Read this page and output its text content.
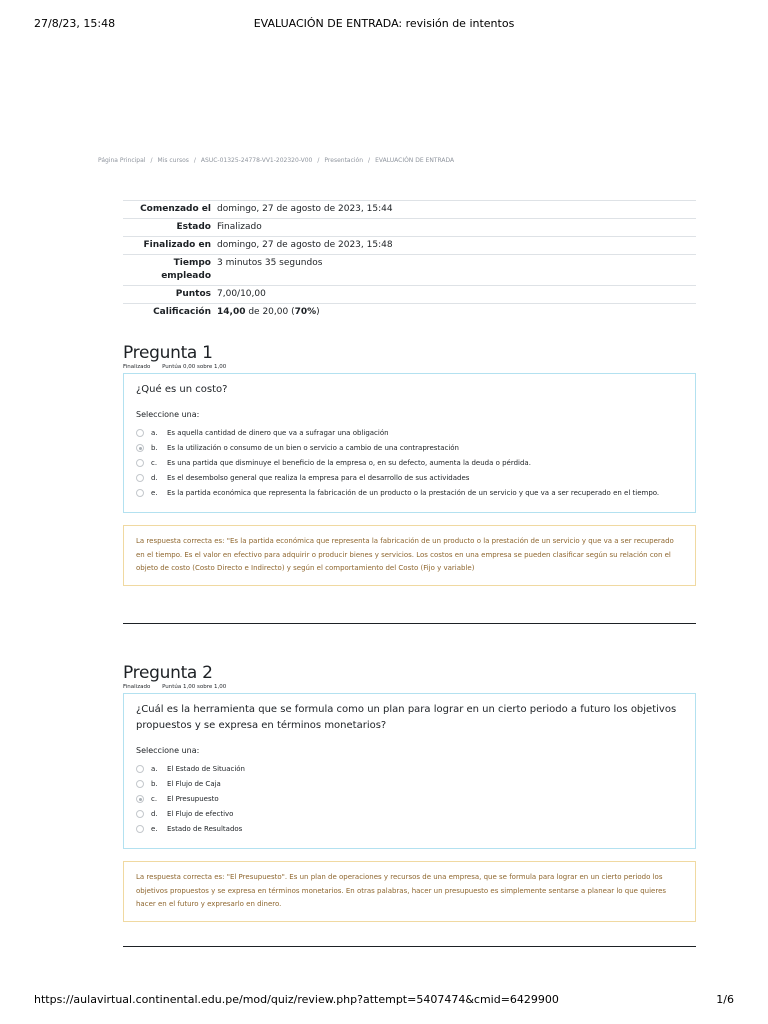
27/8/23, 15:48	EVALUACIÓN DE ENTRADA: revisión de intentos
Página Principal / Mis cursos / ASUC-01325-24778-VV1-202320-V00 / Presentación / EVALUACIÓN DE ENTRADA
Comenzado el	domingo, 27 de agosto de 2023, 15:44
Estado	Finalizado
Finalizado en	domingo, 27 de agosto de 2023, 15:48
Tiempo empleado	3 minutos 35 segundos
Puntos	7,00/10,00
Calificación	14,00 de 20,00 (70%)
Pregunta 1
Finalizado Puntúa 0,00 sobre 1,00
¿Qué es un costo?
Seleccione una:
a.	Es aquella cantidad de dinero que va a sufragar una obligación
b.	Es la utilización o consumo de un bien o servicio a cambio de una contraprestación
c.	Es una partida que disminuye el beneficio de la empresa o, en su defecto, aumenta la deuda o pérdida.
d.	Es el desembolso general que realiza la empresa para el desarrollo de sus actividades
e.	Es la partida económica que representa la fabricación de un producto o la prestación de un servicio y que va a ser recuperado en el tiempo.
La respuesta correcta es: "Es la partida económica que representa la fabricación de un producto o la prestación de un servicio y que va a ser recuperado en el tiempo. Es el valor en efectivo para adquirir o producir bienes y servicios. Los costos en una empresa se pueden clasificar según su relación con el objeto de costo (Costo Directo e Indirecto) y según el comportamiento del Costo (Fijo y variable)
Pregunta 2
Finalizado Puntúa 1,00 sobre 1,00
¿Cuál es la herramienta que se formula como un plan para lograr en un cierto periodo a futuro los objetivos propuestos y se expresa en términos monetarios?
Seleccione una:
a.	El Estado de Situación
b.	El Flujo de Caja
c.	El Presupuesto
d.	El Flujo de efectivo
e.	Estado de Resultados
La respuesta correcta es: "El Presupuesto". Es un plan de operaciones y recursos de una empresa, que se formula para lograr en un cierto periodo los objetivos propuestos y se expresa en términos monetarios. En otras palabras, hacer un presupuesto es simplemente sentarse a planear lo que quieres hacer en el futuro y expresarlo en dinero.
https://aulavirtual.continental.edu.pe/mod/quiz/review.php?attempt=5407474&cmid=6429900	1/6
